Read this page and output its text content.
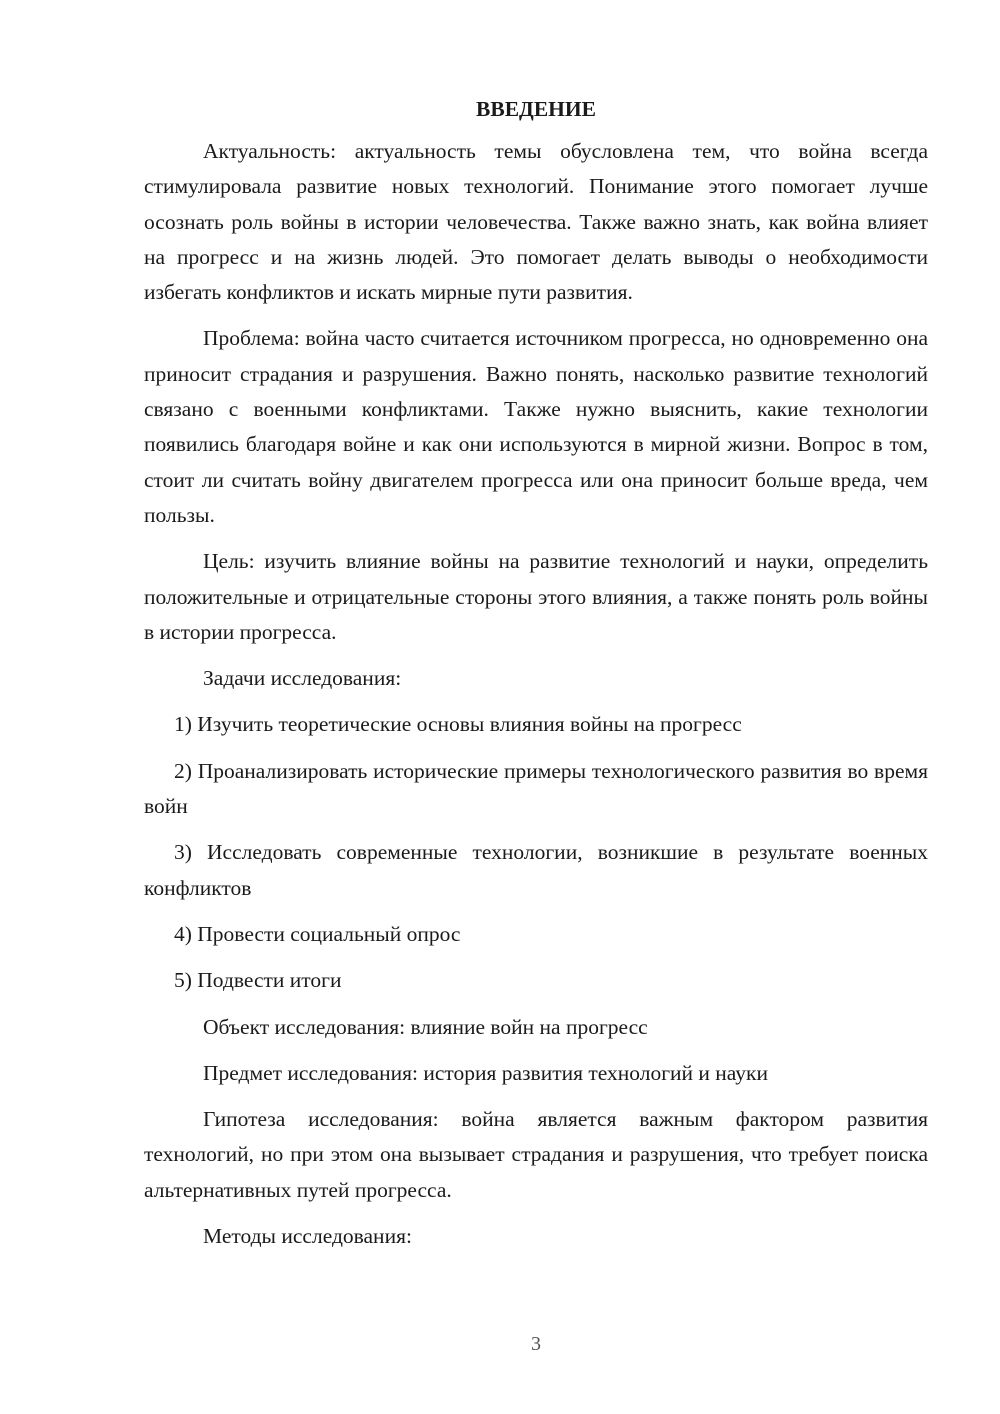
ВВЕДЕНИЕ

Актуальность: актуальность темы обусловлена тем, что война всегда стимулировала развитие новых технологий. Понимание этого помогает лучше осознать роль войны в истории человечества. Также важно знать, как война влияет на прогресс и на жизнь людей. Это помогает делать выводы о необходимости избегать конфликтов и искать мирные пути развития.

Проблема: война часто считается источником прогресса, но одновременно она приносит страдания и разрушения. Важно понять, насколько развитие технологий связано с военными конфликтами. Также нужно выяснить, какие технологии появились благодаря войне и как они используются в мирной жизни. Вопрос в том, стоит ли считать войну двигателем прогресса или она приносит больше вреда, чем пользы.

Цель: изучить влияние войны на развитие технологий и науки, определить положительные и отрицательные стороны этого влияния, а также понять роль войны в истории прогресса.

Задачи исследования:

1) Изучить теоретические основы влияния войны на прогресс

2) Проанализировать исторические примеры технологического развития во время войн

3) Исследовать современные технологии, возникшие в результате военных конфликтов

4) Провести социальный опрос

5) Подвести итоги

Объект исследования: влияние войн на прогресс

Предмет исследования: история развития технологий и науки

Гипотеза исследования: война является важным фактором развития технологий, но при этом она вызывает страдания и разрушения, что требует поиска альтернативных путей прогресса.

Методы исследования:

3
